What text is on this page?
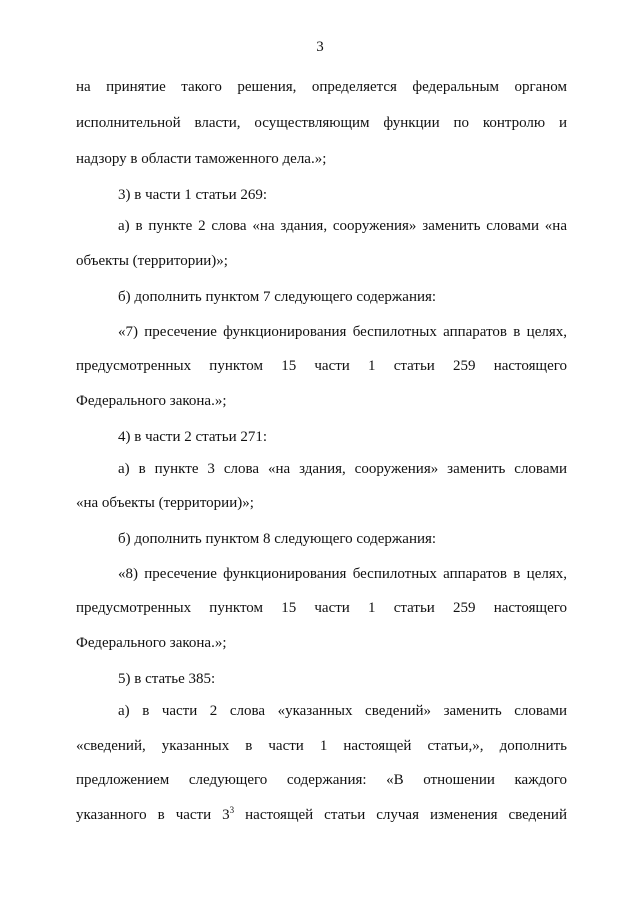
3
на принятие такого решения, определяется федеральным органом
исполнительной власти, осуществляющим функции по контролю и
надзору в области таможенного дела.»;
3) в части 1 статьи 269:
а) в пункте 2 слова «на здания, сооружения» заменить словами «на
объекты (территории)»;
б) дополнить пунктом 7 следующего содержания:
«7) пресечение функционирования беспилотных аппаратов в целях,
предусмотренных пунктом 15 части 1 статьи 259 настоящего
Федерального закона.»;
4) в части 2 статьи 271:
а) в пункте 3 слова «на здания, сооружения» заменить словами
«на объекты (территории)»;
б) дополнить пунктом 8 следующего содержания:
«8) пресечение функционирования беспилотных аппаратов в целях,
предусмотренных пунктом 15 части 1 статьи 259 настоящего
Федерального закона.»;
5) в статье 385:
а) в части 2 слова «указанных сведений» заменить словами
«сведений, указанных в части 1 настоящей статьи,», дополнить
предложением следующего содержания: «В отношении каждого
указанного в части $3^3$ настоящей статьи случая изменения сведений
